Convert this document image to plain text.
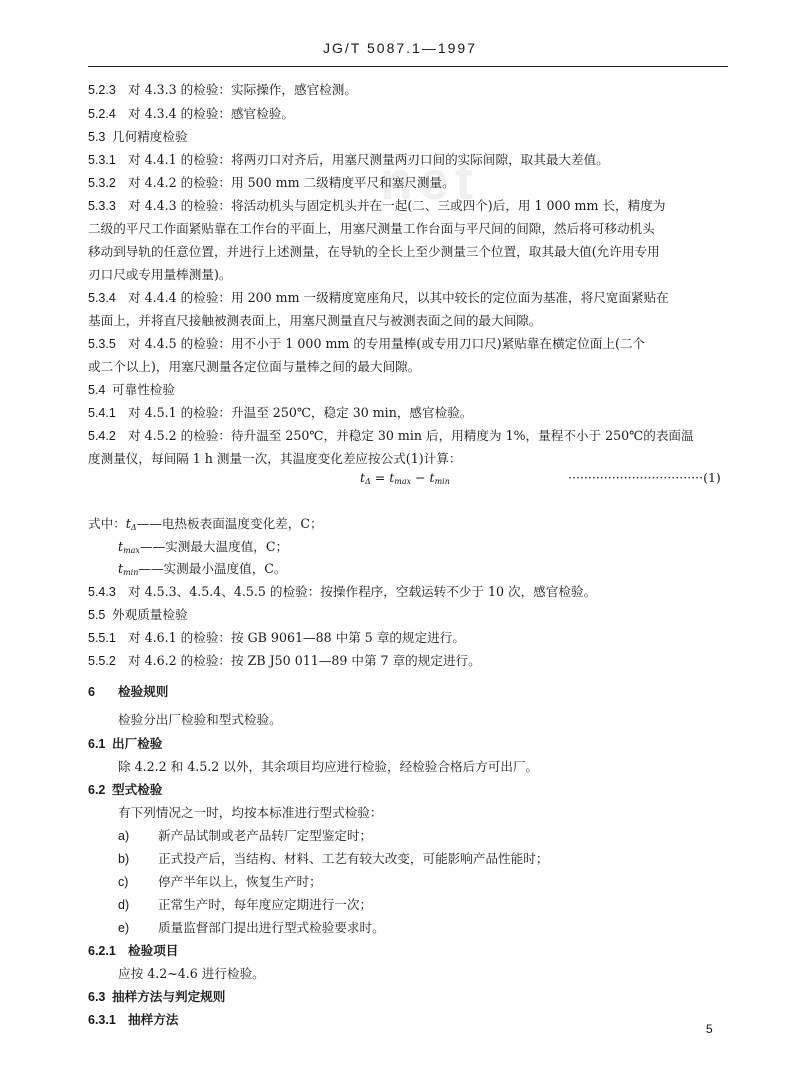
net
JG/T 5087.1—1997
5.2.3 对 4.3.3 的检验：实际操作，感官检测。
5.2.4 对 4.3.4 的检验：感官检验。
5.3 几何精度检验
5.3.1 对 4.4.1 的检验：将两刃口对齐后，用塞尺测量两刃口间的实际间隙，取其最大差值。
5.3.2 对 4.4.2 的检验：用 500 mm 二级精度平尺和塞尺测量。
5.3.3 对 4.4.3 的检验：将活动机头与固定机头并在一起(二、三或四个)后，用 1 000 mm 长，精度为
二级的平尺工作面紧贴靠在工作台的平面上，用塞尺测量工作台面与平尺间的间隙，然后将可移动机头
移动到导轨的任意位置，并进行上述测量，在导轨的全长上至少测量三个位置，取其最大值(允许用专用
刃口尺或专用量棒测量)。
5.3.4 对 4.4.4 的检验：用 200 mm 一级精度宽座角尺，以其中较长的定位面为基准，将尺宽面紧贴在
基面上，并将直尺接触被测表面上，用塞尺测量直尺与被测表面之间的最大间隙。
5.3.5 对 4.4.5 的检验：用不小于 1 000 mm 的专用量棒(或专用刀口尺)紧贴靠在横定位面上(二个
或二个以上)，用塞尺测量各定位面与量棒之间的最大间隙。
5.4 可靠性检验
5.4.1 对 4.5.1 的检验：升温至 250℃，稳定 30 min，感官检验。
5.4.2 对 4.5.2 的检验：待升温至 250℃，并稳定 30 min 后，用精度为 1%，量程不小于 250℃的表面温
度测量仪，每间隔 1 h 测量一次，其温度变化差应按公式(1)计算：
$t_\Delta = t_{max} - t_{min}$	··································(1)
式中：$t_\Delta——$电热板表面温度变化差，C；
$t_{max}——$实测最大温度值，C；
$t_{min}——$实测最小温度值，C。
5.4.3 对 4.5.3、4.5.4、4.5.5 的检验：按操作程序，空载运转不少于 10 次，感官检验。
5.5 外观质量检验
5.5.1 对 4.6.1 的检验：按 GB 9061—88 中第 5 章的规定进行。
5.5.2 对 4.6.2 的检验：按 ZB J50 011—89 中第 7 章的规定进行。
6 检验规则
检验分出厂检验和型式检验。
6.1 出厂检验
除 4.2.2 和 4.5.2 以外，其余项目均应进行检验，经检验合格后方可出厂。
6.2 型式检验
有下列情况之一时，均按本标准进行型式检验：
a) 新产品试制或老产品转厂定型鉴定时；
b) 正式投产后，当结构、材料、工艺有较大改变，可能影响产品性能时；
c) 停产半年以上，恢复生产时；
d) 正常生产时，每年度应定期进行一次；
e) 质量监督部门提出进行型式检验要求时。
6.2.1 检验项目
应按 4.2~4.6 进行检验。
6.3 抽样方法与判定规则
6.3.1 抽样方法
5
